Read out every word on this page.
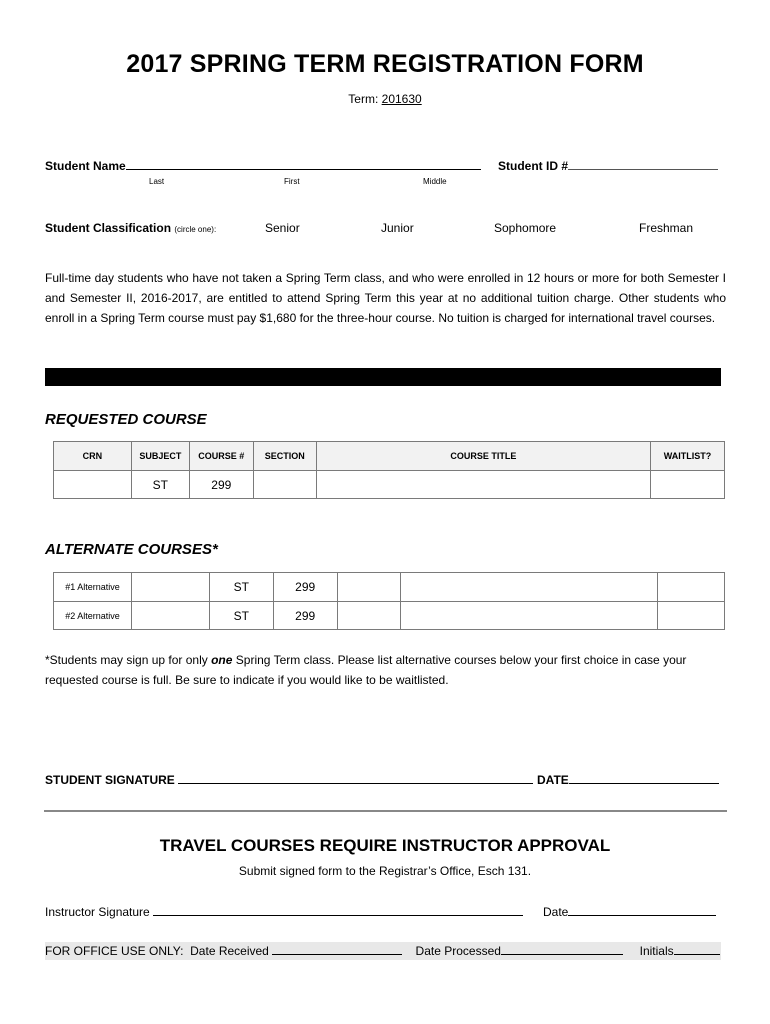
2017 SPRING TERM REGISTRATION FORM
Term: 201630
Student Name	Student ID #
Last	First	Middle
Student Classification (circle one):	Senior	Junior	Sophomore	Freshman
Full-time day students who have not taken a Spring Term class, and who were enrolled in 12 hours or more for both Semester I and Semester II, 2016-2017, are entitled to attend Spring Term this year at no additional tuition charge. Other students who enroll in a Spring Term course must pay $1,680 for the three-hour course. No tuition is charged for international travel courses.
REQUESTED COURSE
CRN	SUBJECT	COURSE #	SECTION	COURSE TITLE	WAITLIST?
	ST	299			
ALTERNATE COURSES*
#1 Alternative		ST	299			
#2 Alternative		ST	299			
*Students may sign up for only one Spring Term class. Please list alternative courses below your first choice in case your requested course is full. Be sure to indicate if you would like to be waitlisted.
STUDENT SIGNATURE	DATE
TRAVEL COURSES REQUIRE INSTRUCTOR APPROVAL
Submit signed form to the Registrar’s Office, Esch 131.
Instructor Signature	Date
FOR OFFICE USE ONLY: Date Received	Date Processed	Initials
